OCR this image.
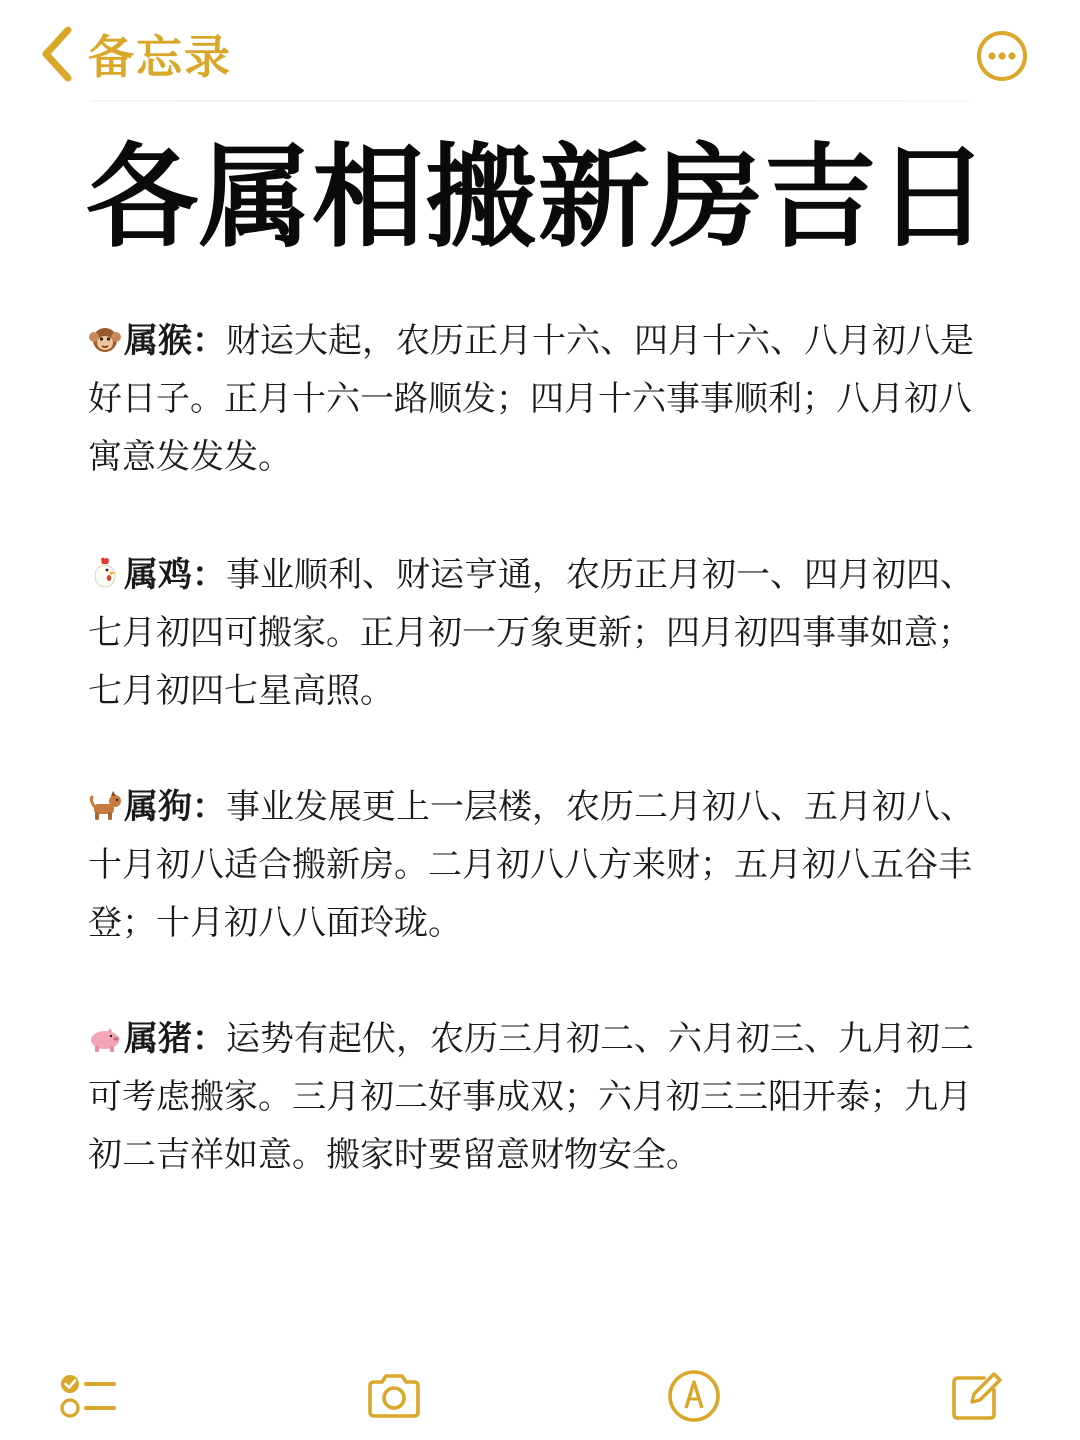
备忘录
各属相搬新房吉日
属猴：财运大起，农历正月十六、四月十六、八月初八是好日子。正月十六一路顺发；四月十六事事顺利；八月初八寓意发发发。
属鸡：事业顺利、财运亨通，农历正月初一、四月初四、七月初四可搬家。正月初一万象更新；四月初四事事如意；七月初四七星高照。
属狗：事业发展更上一层楼，农历二月初八、五月初八、十月初八适合搬新房。二月初八八方来财；五月初八五谷丰登；十月初八八面玲珑。
属猪：运势有起伏，农历三月初二、六月初三、九月初二可考虑搬家。三月初二好事成双；六月初三三阳开泰；九月初二吉祥如意。搬家时要留意财物安全。
